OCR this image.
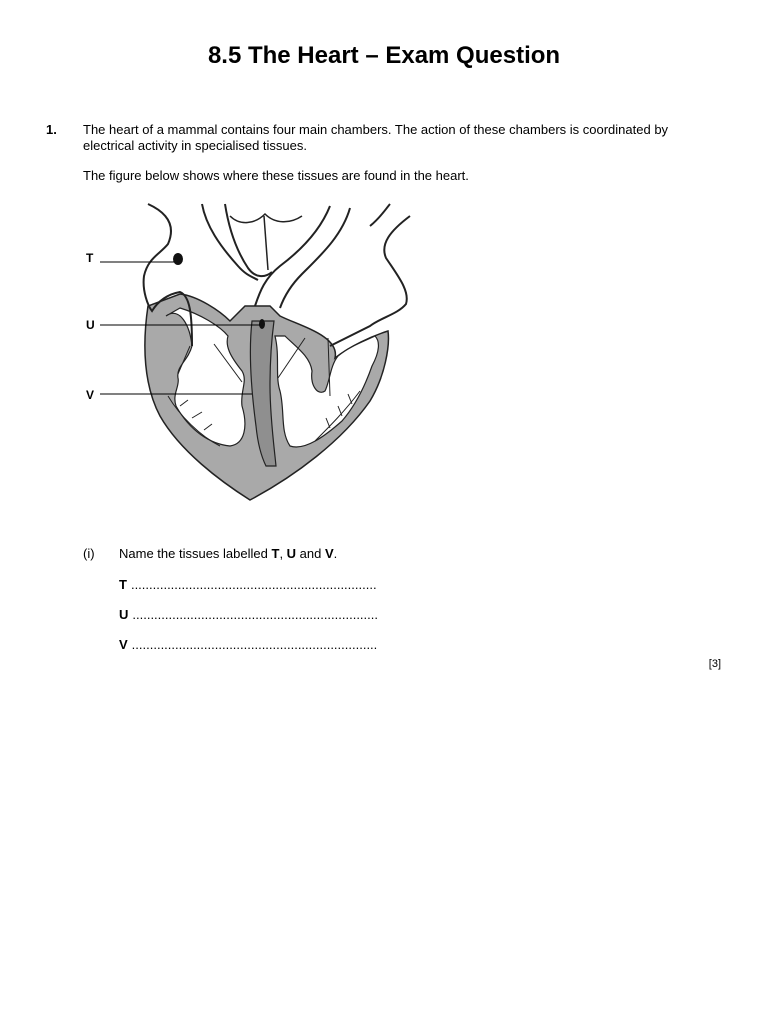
8.5 The Heart – Exam Question
1. The heart of a mammal contains four main chambers. The action of these chambers is coordinated by electrical activity in specialised tissues.
The figure below shows where these tissues are found in the heart.
T
U
V
(i) Name the tissues labelled T, U and V.
T ....................................................................
U ....................................................................
V ....................................................................
[3]
